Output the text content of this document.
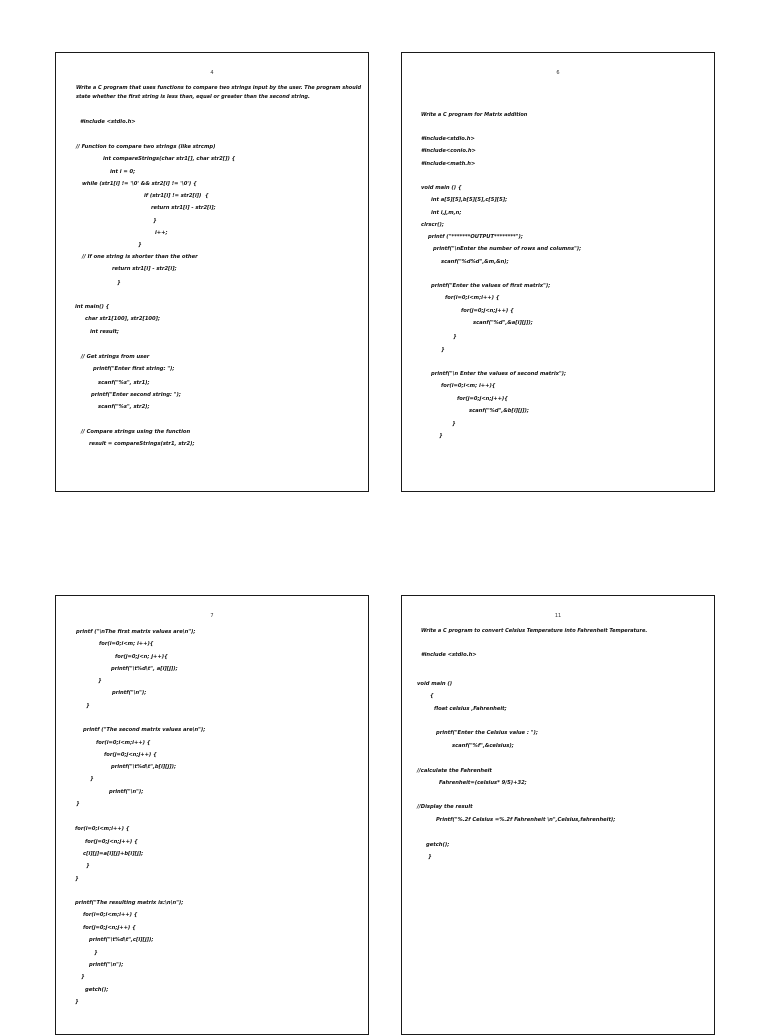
4
Write a C program that uses functions to compare two strings input by the user. The program should
state whether the first string is less than, equal or greater than the second string.
#include <stdio.h>
// Function to compare two strings (like strcmp)
int compareStrings(char str1[], char str2[]) {
int i = 0;
while (str1[i] != '\0' && str2[i] != '\0') {
if (str1[i] != str2[i])  {
return str1[i] - str2[i];
}
i++;
}
// If one string is shorter than the other
return str1[i] - str2[i];
}
int main() {
char str1[100], str2[100];
int result;
// Get strings from user
printf("Enter first string: ");
scanf("%s", str1);
printf("Enter second string: ");
scanf("%s", str2);
// Compare strings using the function
result = compareStrings(str1, str2);
6
Write a C program for Matrix addition
#include<stdio.h>
#include<conio.h>
#include<math.h>
void main () {
int a[5][5],b[5][5],c[5][5];
int i,j,m,n;
clrscr();
printf ("*******OUTPUT********");
printf("\nEnter the number of rows and columns");
scanf("%d%d",&m,&n);
printf("Enter the values of first matrix");
for(i=0;i<m;i++) {
for(j=0;j<n;j++) {
scanf("%d",&a[i][j]);
}
}
printf("\n Enter the values of second matrix");
for(i=0;i<m; i++){
for(j=0;j<n;j++){
scanf("%d",&b[i][j]);
}
}
7
printf ("\nThe first matrix values are\n");
for(i=0;i<m; i++){
for(j=0;j<n; j++){
printf("\t%d\t", a[i][j]);
}
printf("\n");
}
printf ("The second matrix values are\n");
for(i=0;i<m;i++) {
for(j=0;j<n;j++) {
printf("\t%d\t",b[i][j]);
}
printf("\n");
}
for(i=0;i<m;i++) {
for(j=0;j<n;j++) {
c[i][j]=a[i][j]+b[i][j];
}
}
printf("The resulting matrix is:\n\n");
for(i=0;i<m;i++) {
for(j=0;j<n;j++) {
printf("\t%d\t",c[i][j]);
}
printf("\n");
}
getch();
}
11
Write a C program to convert Celsius Temperature into Fahrenheit Temperature.
#include <stdio.h>
void main ()
{
float celsius ,Fahrenheit;
printf("Enter the Celsius value : ");
scanf("%f",&celsius);
//calculate the Fahrenheit
Fahrenheit=(celsius* 9/5)+32;
//Display the result
Printf("%.2f Celsius =%.2f Fahrenheit \n",Celsius,fahrenheit);
getch();
}
